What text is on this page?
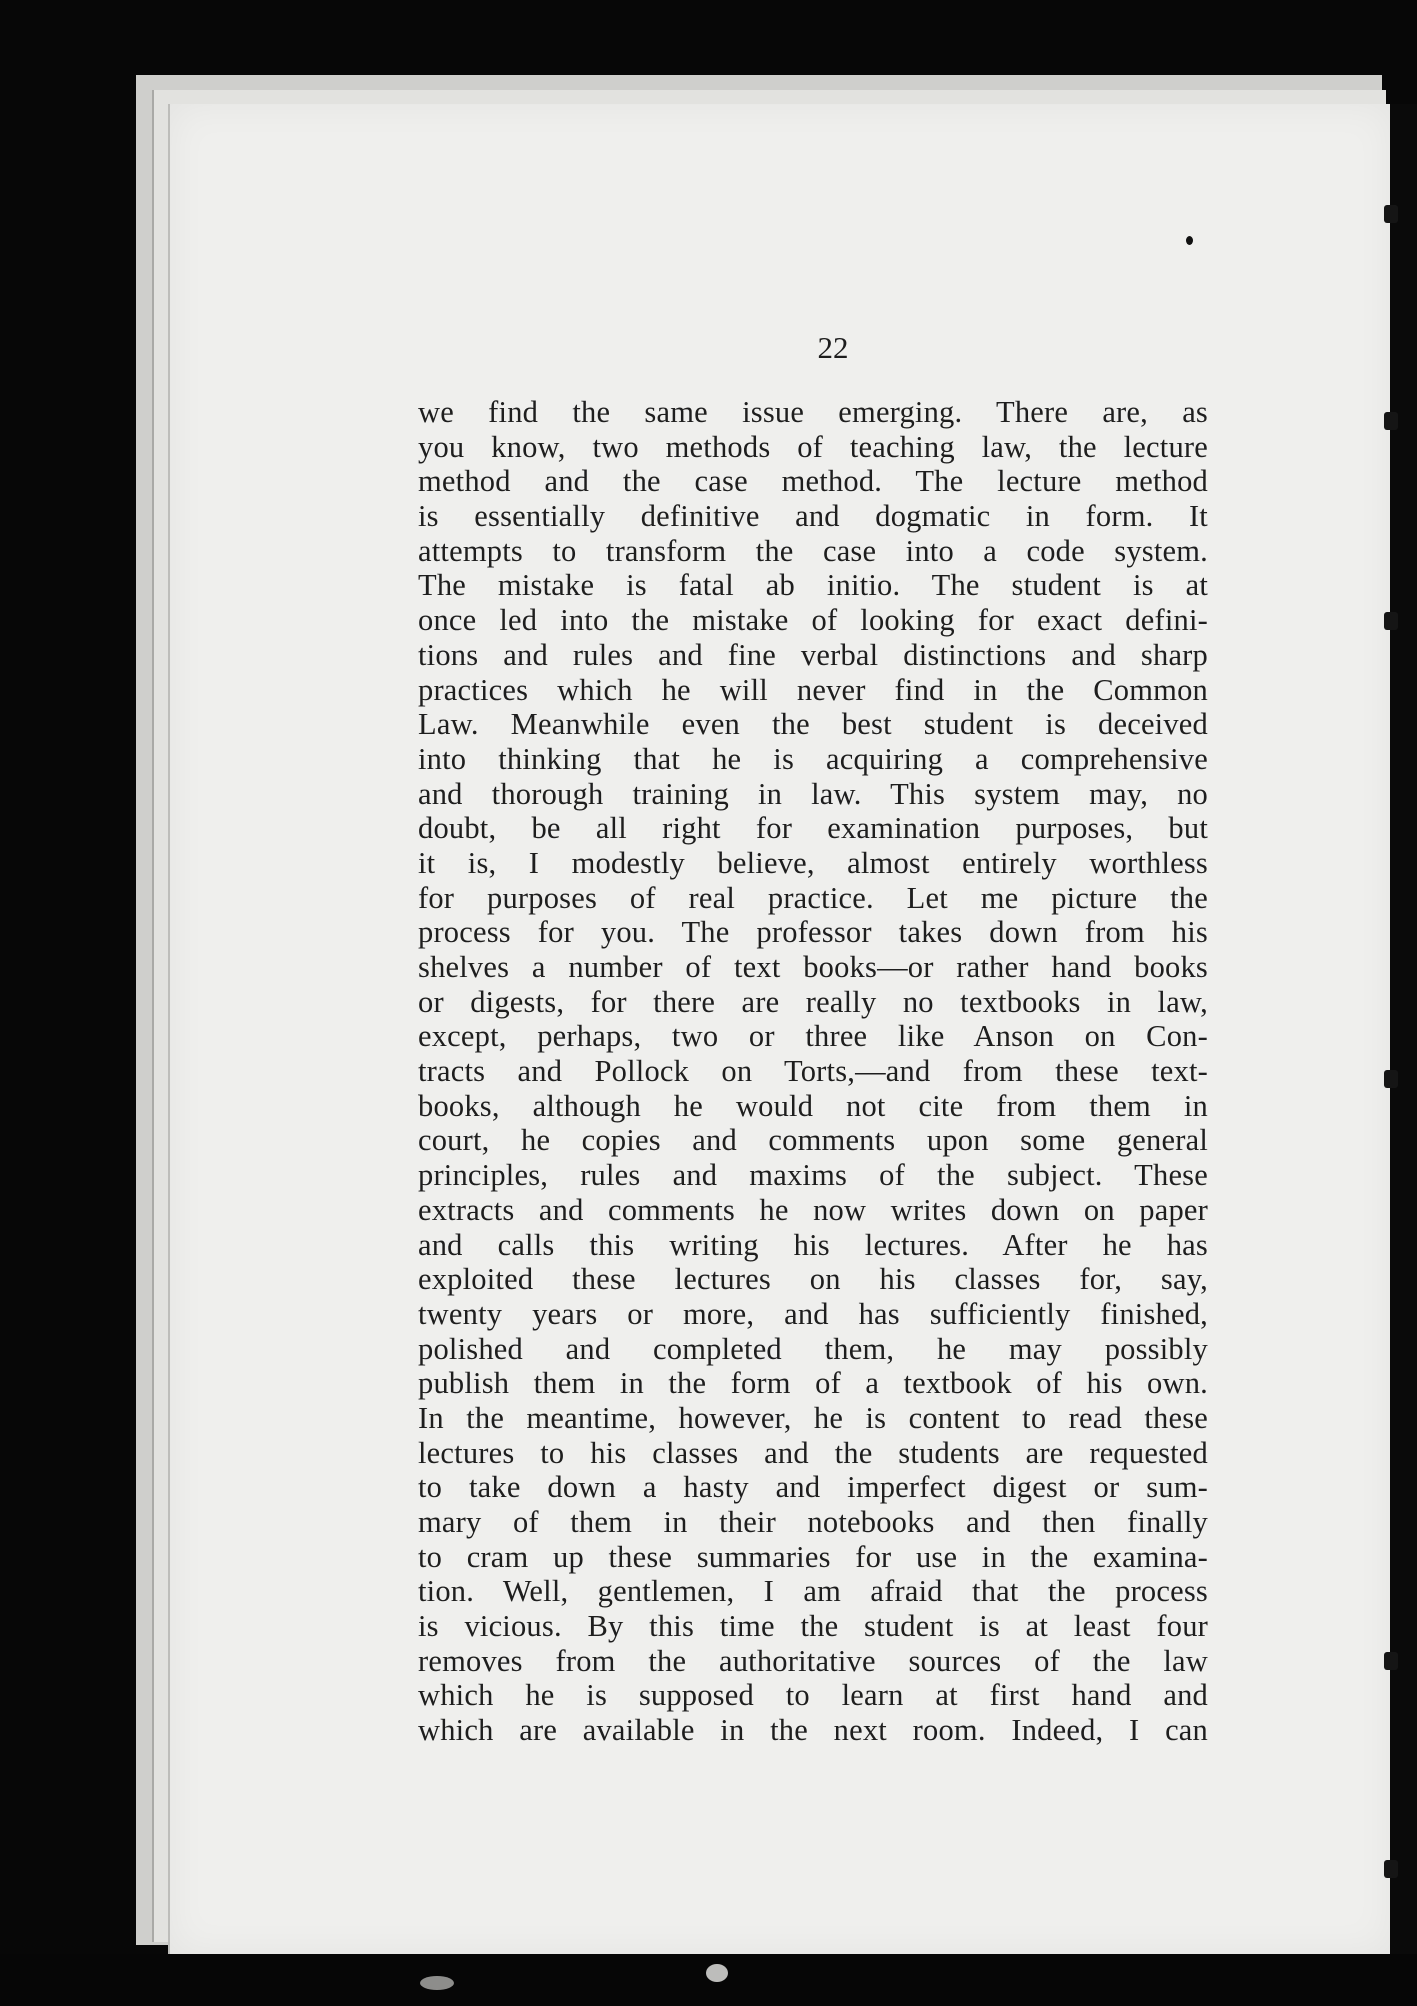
22
we find the same issue emerging. There are, as
you know, two methods of teaching law, the lecture
method and the case method. The lecture method
is essentially definitive and dogmatic in form. It
attempts to transform the case into a code system.
The mistake is fatal ab initio. The student is at
once led into the mistake of looking for exact defini-
tions and rules and fine verbal distinctions and sharp
practices which he will never find in the Common
Law. Meanwhile even the best student is deceived
into thinking that he is acquiring a comprehensive
and thorough training in law. This system may, no
doubt, be all right for examination purposes, but
it is, I modestly believe, almost entirely worthless
for purposes of real practice. Let me picture the
process for you. The professor takes down from his
shelves a number of text books—or rather hand books
or digests, for there are really no textbooks in law,
except, perhaps, two or three like Anson on Con-
tracts and Pollock on Torts,—and from these text-
books, although he would not cite from them in
court, he copies and comments upon some general
principles, rules and maxims of the subject. These
extracts and comments he now writes down on paper
and calls this writing his lectures. After he has
exploited these lectures on his classes for, say,
twenty years or more, and has sufficiently finished,
polished and completed them, he may possibly
publish them in the form of a textbook of his own.
In the meantime, however, he is content to read these
lectures to his classes and the students are requested
to take down a hasty and imperfect digest or sum-
mary of them in their notebooks and then finally
to cram up these summaries for use in the examina-
tion. Well, gentlemen, I am afraid that the process
is vicious. By this time the student is at least four
removes from the authoritative sources of the law
which he is supposed to learn at first hand and
which are available in the next room. Indeed, I can
